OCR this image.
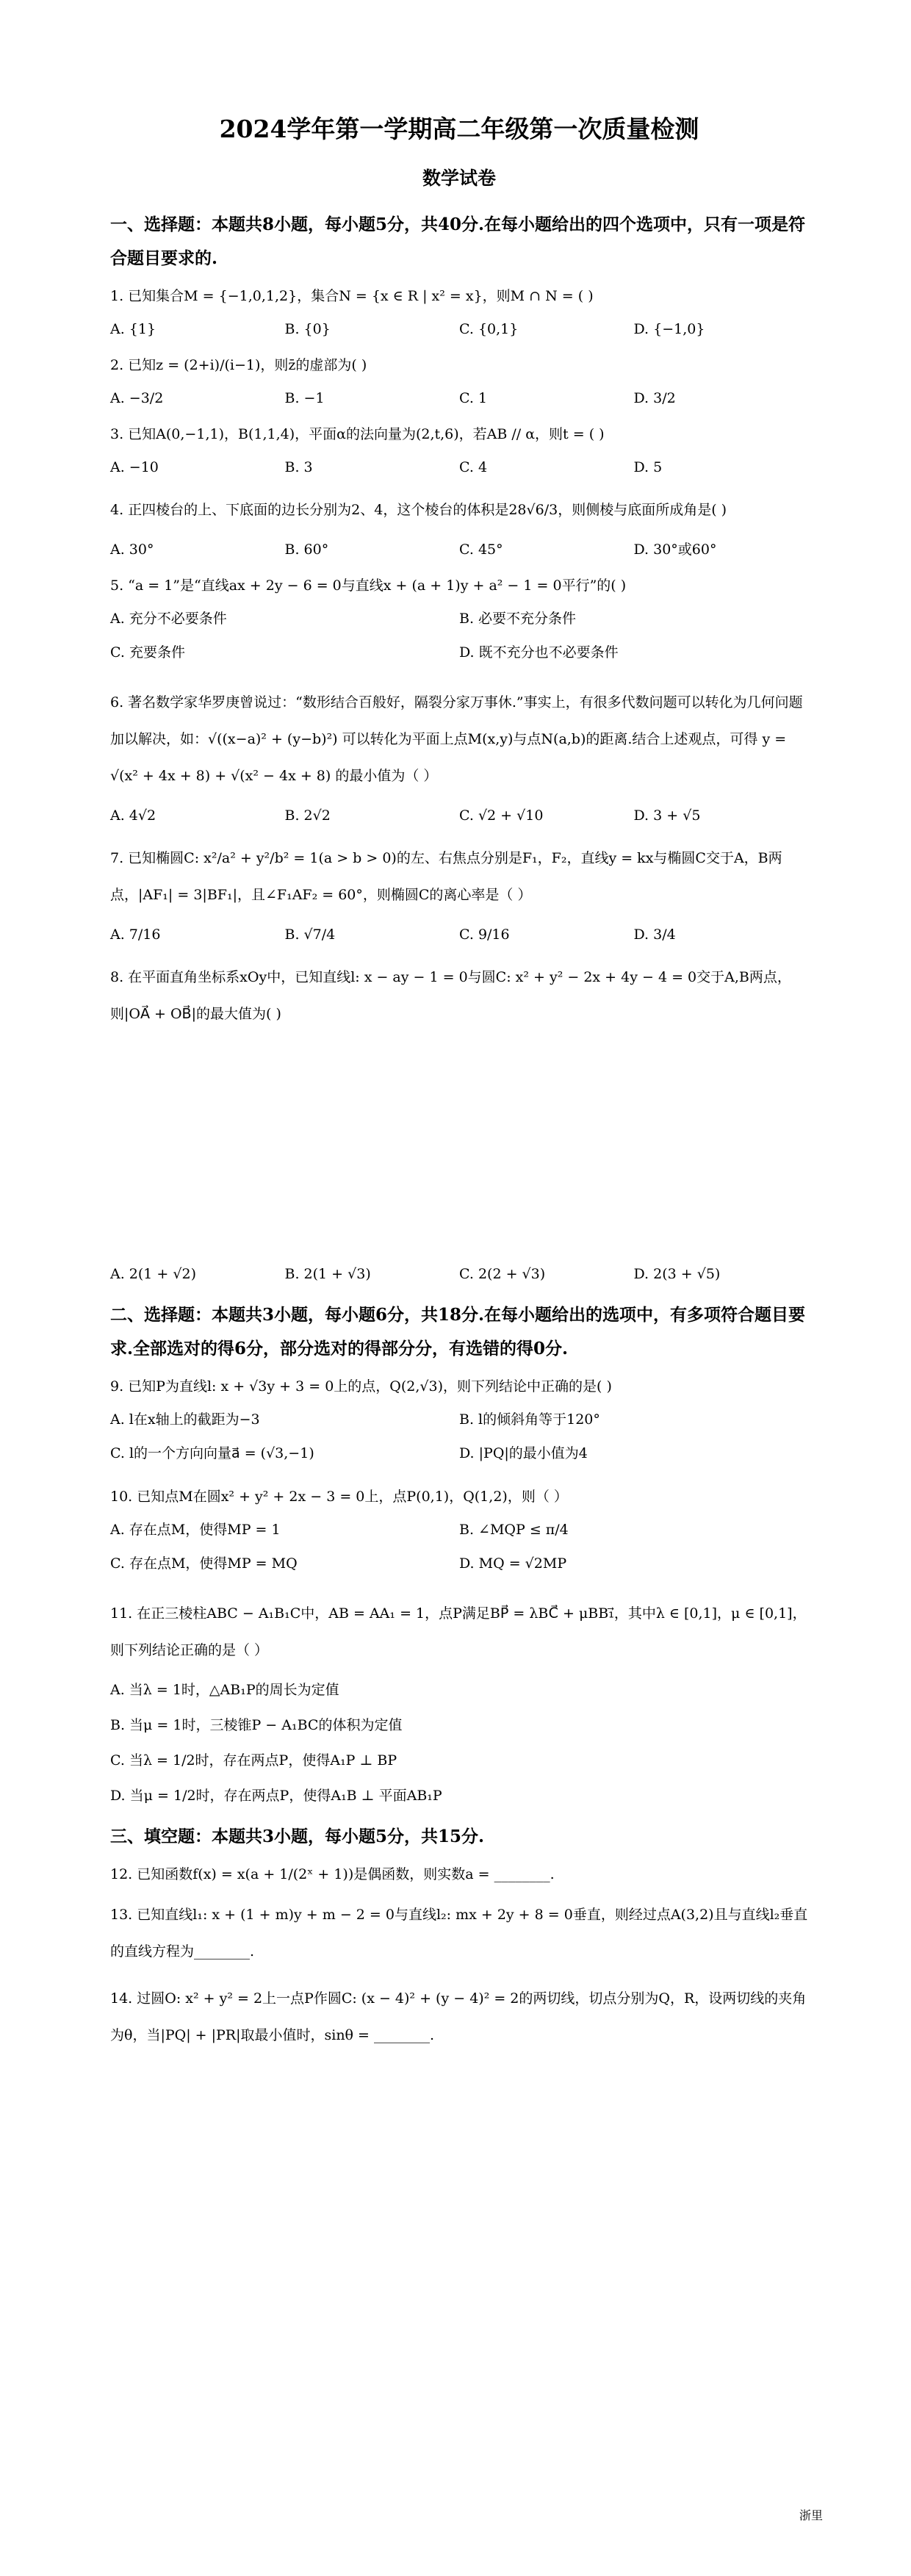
2024学年第一学期高二年级第一次质量检测
数学试卷
一、选择题：本题共8小题，每小题5分，共40分.在每小题给出的四个选项中，只有一项是符合题目要求的.
1. 已知集合M = {−1,0,1,2}，集合N = {x ∈ R | x² = x}，则M ∩ N = ( )
A. {1}	B. {0}	C. {0,1}	D. {−1,0}
2. 已知z = (2+i)/(i−1)，则z̄的虚部为( )
A. −3/2	B. −1	C. 1	D. 3/2
3. 已知A(0,−1,1)，B(1,1,4)，平面α的法向量为(2,t,6)，若AB // α，则t = ( )
A. −10	B. 3	C. 4	D. 5
4. 正四棱台的上、下底面的边长分别为2、4，这个棱台的体积是28√6/3，则侧棱与底面所成角是( )
A. 30°	B. 60°	C. 45°	D. 30°或60°
5. “a = 1”是“直线ax + 2y − 6 = 0与直线x + (a + 1)y + a² − 1 = 0平行”的( )
A. 充分不必要条件	B. 必要不充分条件
C. 充要条件	D. 既不充分也不必要条件
6. 著名数学家华罗庚曾说过：“数形结合百般好，隔裂分家万事休.”事实上，有很多代数问题可以转化为几何问题加以解决，如：√((x−a)² + (y−b)²) 可以转化为平面上点M(x,y)与点N(a,b)的距离.结合上述观点，可得 y = √(x² + 4x + 8) + √(x² − 4x + 8) 的最小值为（ ）
A. 4√2	B. 2√2	C. √2 + √10	D. 3 + √5
7. 已知椭圆C: x²/a² + y²/b² = 1(a > b > 0)的左、右焦点分别是F₁，F₂，直线y = kx与椭圆C交于A，B两点，|AF₁| = 3|BF₁|，且∠F₁AF₂ = 60°，则椭圆C的离心率是（ ）
A. 7/16	B. √7/4	C. 9/16	D. 3/4
8. 在平面直角坐标系xOy中，已知直线l: x − ay − 1 = 0与圆C: x² + y² − 2x + 4y − 4 = 0交于A,B两点，则|OA⃗ + OB⃗|的最大值为( )
A. 2(1 + √2)	B. 2(1 + √3)	C. 2(2 + √3)	D. 2(3 + √5)
二、选择题：本题共3小题，每小题6分，共18分.在每小题给出的选项中，有多项符合题目要求.全部选对的得6分，部分选对的得部分分，有选错的得0分.
9. 已知P为直线l: x + √3y + 3 = 0上的点，Q(2,√3)，则下列结论中正确的是( )
A. l在x轴上的截距为−3	B. l的倾斜角等于120°
C. l的一个方向向量a⃗ = (√3,−1)	D. |PQ|的最小值为4
10. 已知点M在圆x² + y² + 2x − 3 = 0上，点P(0,1)，Q(1,2)，则（ ）
A. 存在点M，使得MP = 1	B. ∠MQP ≤ π/4
C. 存在点M，使得MP = MQ	D. MQ = √2MP
11. 在正三棱柱ABC − A₁B₁C中，AB = AA₁ = 1，点P满足BP⃗ = λBC⃗ + μBB₁⃗，其中λ ∈ [0,1]，μ ∈ [0,1]，则下列结论正确的是（ ）
A. 当λ = 1时，△AB₁P的周长为定值
B. 当μ = 1时，三棱锥P − A₁BC的体积为定值
C. 当λ = 1/2时，存在两点P，使得A₁P ⊥ BP
D. 当μ = 1/2时，存在两点P，使得A₁B ⊥ 平面AB₁P
三、填空题：本题共3小题，每小题5分，共15分.
12. 已知函数f(x) = x(a + 1/(2ˣ + 1))是偶函数，则实数a = ________.
13. 已知直线l₁: x + (1 + m)y + m − 2 = 0与直线l₂: mx + 2y + 8 = 0垂直，则经过点A(3,2)且与直线l₂垂直的直线方程为________.
14. 过圆O: x² + y² = 2上一点P作圆C: (x − 4)² + (y − 4)² = 2的两切线，切点分别为Q，R，设两切线的夹角为θ，当|PQ| + |PR|取最小值时，sinθ = ________.
浙里
